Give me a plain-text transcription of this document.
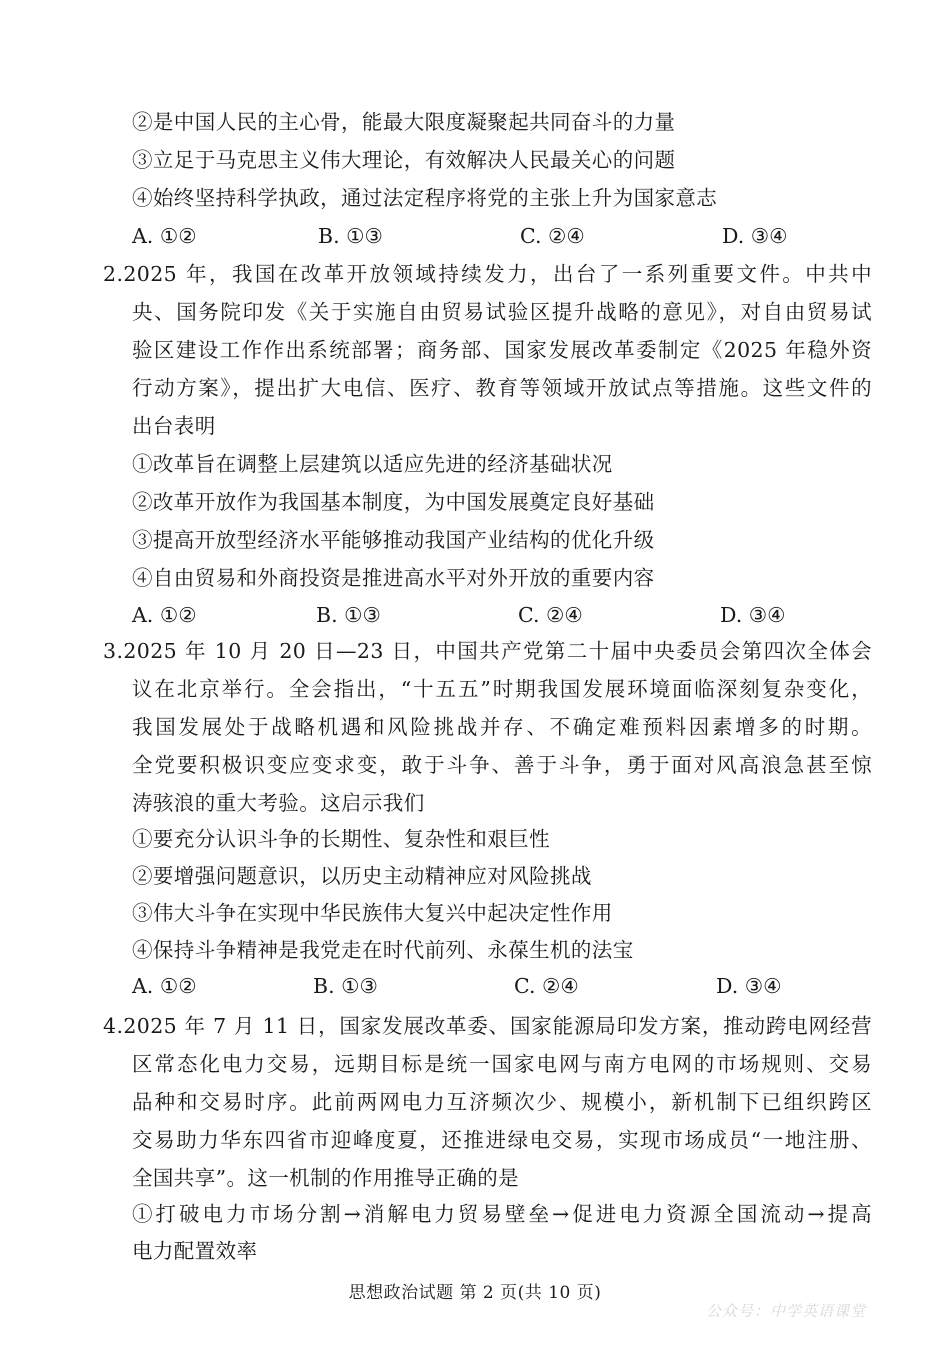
②是中国人民的主心骨，能最大限度凝聚起共同奋斗的力量
③立足于马克思主义伟大理论，有效解决人民最关心的问题
④始终坚持科学执政，通过法定程序将党的主张上升为国家意志
A. ①②	B. ①③	C. ②④	D. ③④
2.2025 年，我国在改革开放领域持续发力，出台了一系列重要文件。中共中
央、国务院印发《关于实施自由贸易试验区提升战略的意见》，对自由贸易试
验区建设工作作出系统部署；商务部、国家发展改革委制定《2025 年稳外资
行动方案》，提出扩大电信、医疗、教育等领域开放试点等措施。这些文件的
出台表明
①改革旨在调整上层建筑以适应先进的经济基础状况
②改革开放作为我国基本制度，为中国发展奠定良好基础
③提高开放型经济水平能够推动我国产业结构的优化升级
④自由贸易和外商投资是推进高水平对外开放的重要内容
A. ①②	B. ①③	C. ②④	D. ③④
3.2025 年 10 月 20 日—23 日，中国共产党第二十届中央委员会第四次全体会
议在北京举行。全会指出，“十五五”时期我国发展环境面临深刻复杂变化，
我国发展处于战略机遇和风险挑战并存、不确定难预料因素增多的时期。
全党要积极识变应变求变，敢于斗争、善于斗争，勇于面对风高浪急甚至惊
涛骇浪的重大考验。这启示我们
①要充分认识斗争的长期性、复杂性和艰巨性
②要增强问题意识，以历史主动精神应对风险挑战
③伟大斗争在实现中华民族伟大复兴中起决定性作用
④保持斗争精神是我党走在时代前列、永葆生机的法宝
A. ①②	B. ①③	C. ②④	D. ③④
4.2025 年 7 月 11 日，国家发展改革委、国家能源局印发方案，推动跨电网经营
区常态化电力交易，远期目标是统一国家电网与南方电网的市场规则、交易
品种和交易时序。此前两网电力互济频次少、规模小，新机制下已组织跨区
交易助力华东四省市迎峰度夏，还推进绿电交易，实现市场成员“一地注册、
全国共享”。这一机制的作用推导正确的是
①打破电力市场分割→消解电力贸易壁垒→促进电力资源全国流动→提高
电力配置效率
思想政治试题 第 2 页(共 10 页)
公众号：中学英语课堂
